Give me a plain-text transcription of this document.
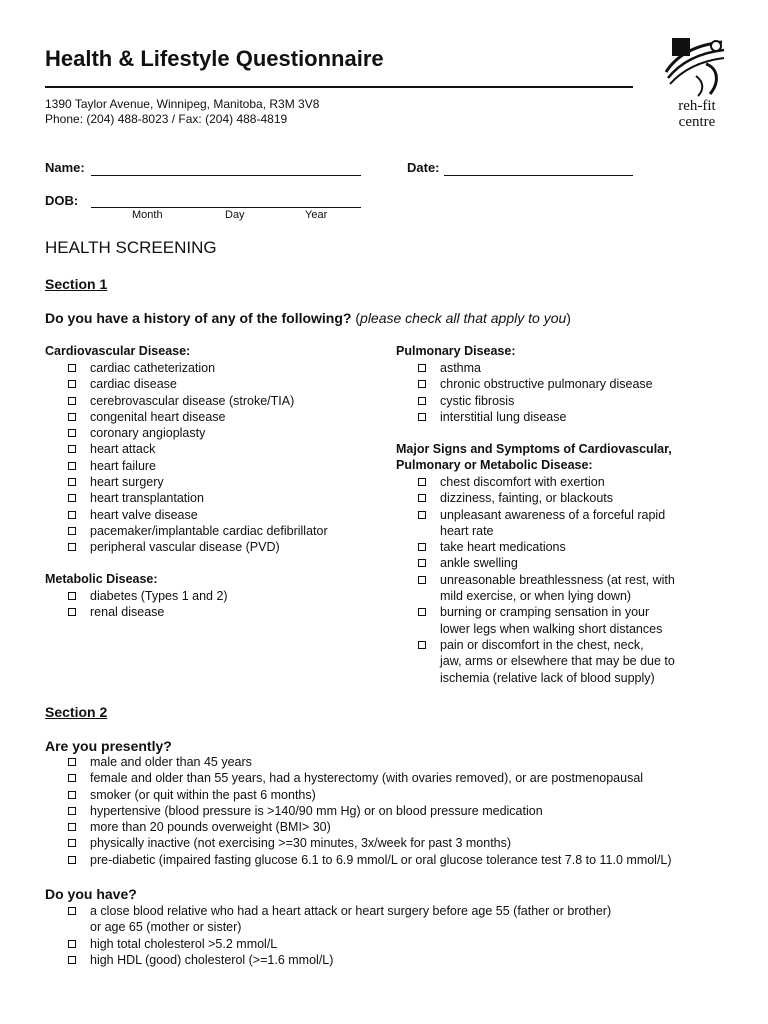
Health & Lifestyle Questionnaire
1390 Taylor Avenue, Winnipeg, Manitoba, R3M 3V8
Phone: (204) 488-8023 / Fax: (204) 488-4819
reh-fit
centre
Name:	Date:
DOB:
Month	Day	Year
HEALTH SCREENING
Section 1
Do you have a history of any of the following? (please check all that apply to you)
Cardiovascular Disease:
cardiac catheterization
cardiac disease
cerebrovascular disease (stroke/TIA)
congenital heart disease
coronary angioplasty
heart attack
heart failure
heart surgery
heart transplantation
heart valve disease
pacemaker/implantable cardiac defibrillator
peripheral vascular disease (PVD)
Metabolic Disease:
diabetes (Types 1 and 2)
renal disease
Pulmonary Disease:
asthma
chronic obstructive pulmonary disease
cystic fibrosis
interstitial lung disease
Major Signs and Symptoms of Cardiovascular,
Pulmonary or Metabolic Disease:
chest discomfort with exertion
dizziness, fainting, or blackouts
unpleasant awareness of a forceful rapid
heart rate
take heart medications
ankle swelling
unreasonable breathlessness (at rest, with
mild exercise, or when lying down)
burning or cramping sensation in your
lower legs when walking short distances
pain or discomfort in the chest, neck,
jaw, arms or elsewhere that may be due to
ischemia (relative lack of blood supply)
Section 2
Are you presently?
male and older than 45 years
female and older than 55 years, had a hysterectomy (with ovaries removed), or are postmenopausal
smoker (or quit within the past 6 months)
hypertensive (blood pressure is >140/90 mm Hg) or on blood pressure medication
more than 20 pounds overweight (BMI> 30)
physically inactive (not exercising >=30 minutes, 3x/week for past 3 months)
pre-diabetic (impaired fasting glucose 6.1 to 6.9 mmol/L or oral glucose tolerance test 7.8 to 11.0 mmol/L)
Do you have?
a close blood relative who had a heart attack or heart surgery before age 55 (father or brother)
or age 65 (mother or sister)
high total cholesterol >5.2 mmol/L
high HDL (good) cholesterol (>=1.6 mmol/L)
